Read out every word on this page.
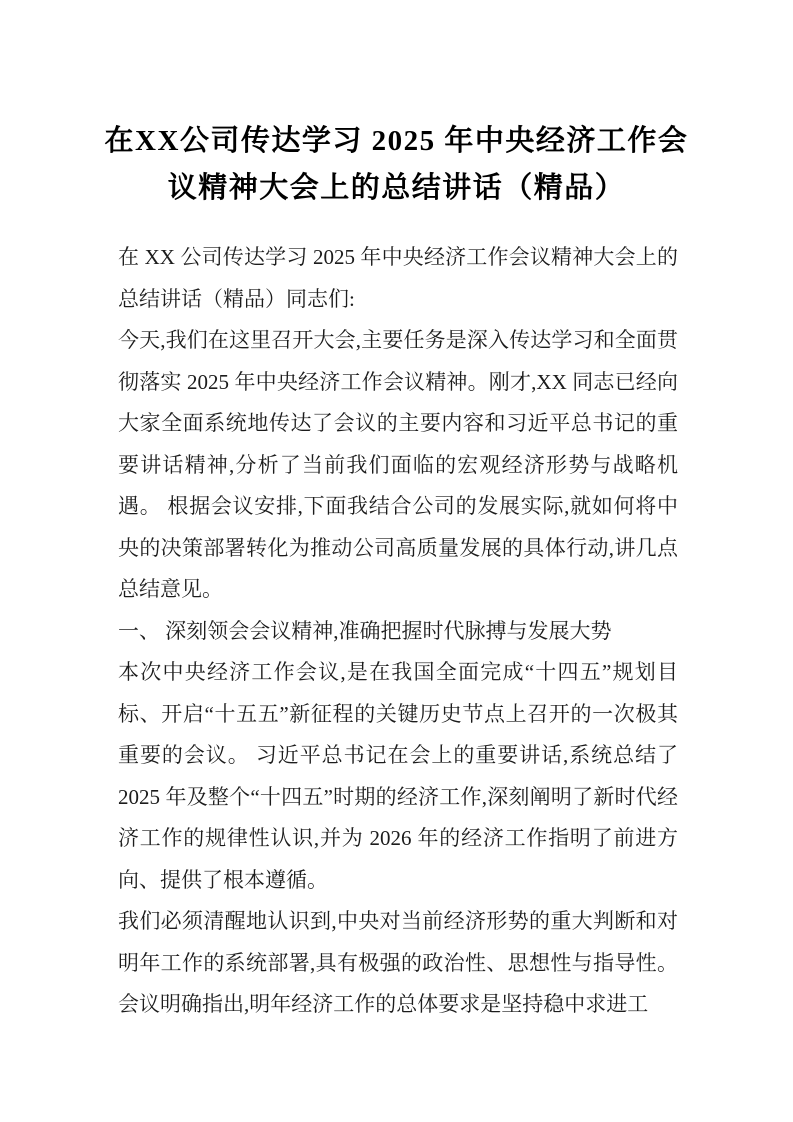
在XX公司传达学习 2025 年中央经济工作会议精神大会上的总结讲话（精品）

在 XX 公司传达学习 2025 年中央经济工作会议精神大会上的总结讲话（精品）同志们:

今天,我们在这里召开大会,主要任务是深入传达学习和全面贯彻落实 2025 年中央经济工作会议精神。刚才,XX 同志已经向大家全面系统地传达了会议的主要内容和习近平总书记的重要讲话精神,分析了当前我们面临的宏观经济形势与战略机遇。 根据会议安排,下面我结合公司的发展实际,就如何将中央的决策部署转化为推动公司高质量发展的具体行动,讲几点总结意见。

一、 深刻领会会议精神,准确把握时代脉搏与发展大势

本次中央经济工作会议,是在我国全面完成“十四五”规划目标、开启“十五五”新征程的关键历史节点上召开的一次极其重要的会议。 习近平总书记在会上的重要讲话,系统总结了 2025 年及整个“十四五”时期的经济工作,深刻阐明了新时代经济工作的规律性认识,并为 2026 年的经济工作指明了前进方向、提供了根本遵循。

我们必须清醒地认识到,中央对当前经济形势的重大判断和对明年工作的系统部署,具有极强的政治性、思想性与指导性。会议明确指出,明年经济工作的总体要求是坚持稳中求进工
